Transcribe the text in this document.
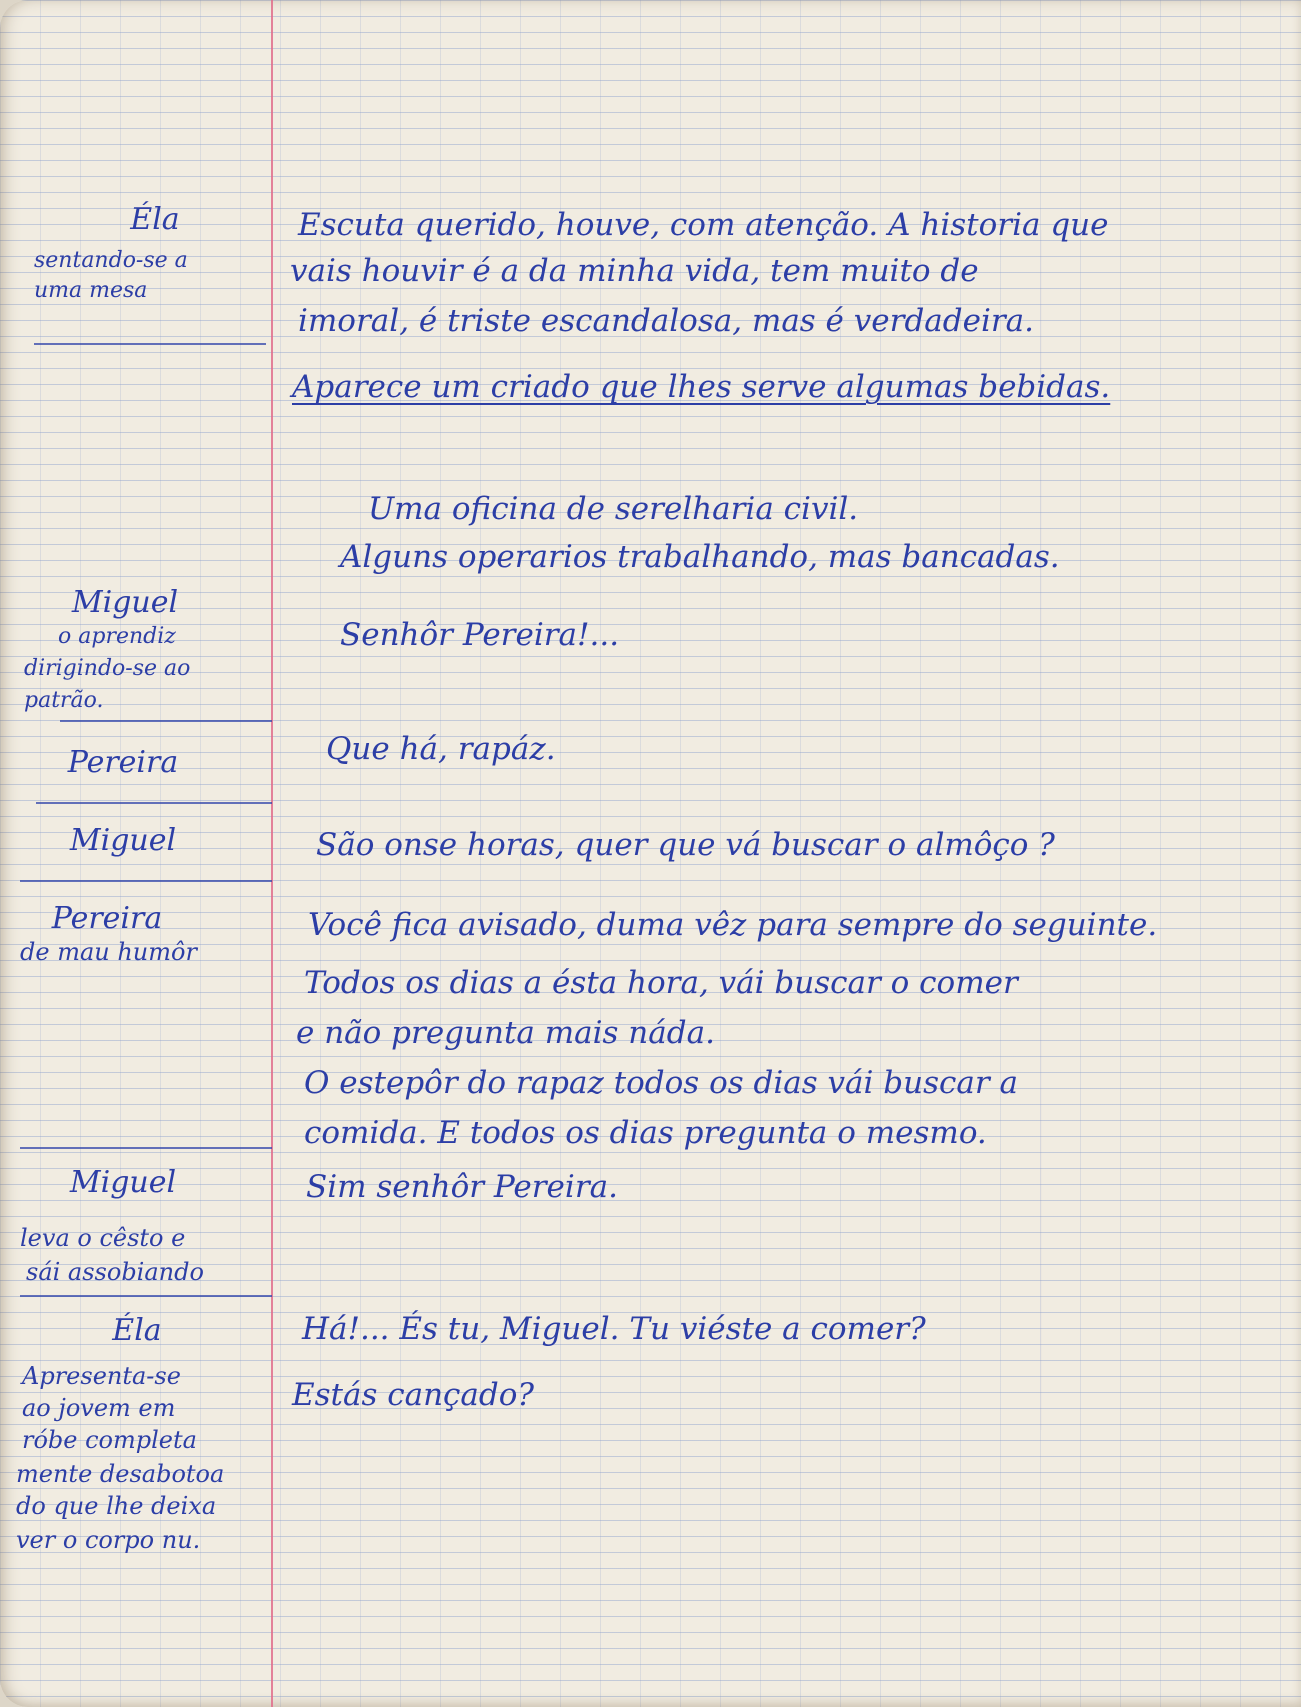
Éla

sentando-se a

uma mesa

Miguel

o aprendiz

dirigindo-se ao

patrão.

Pereira

Miguel

Pereira

de mau humôr

Miguel

leva o cêsto e

sái assobiando

Éla

Apresenta-se

ao jovem em

róbe completa

mente desabotoa

do que lhe deixa

ver o corpo nu.

Escuta querido, houve, com atenção. A historia que

vais houvir é a da minha vida, tem muito de

imoral, é triste escandalosa, mas é verdadeira.

Aparece um criado que lhes serve algumas bebidas.

Uma oficina de serelharia civil.

Alguns operarios trabalhando, mas bancadas.

Senhôr Pereira!...

Que há, rapáz.

São onse horas, quer que vá buscar o almôço ?

Você fica avisado, duma vêz para sempre do seguinte.

Todos os dias a ésta hora, vái buscar o comer

e não pregunta mais náda.

O estepôr do rapaz todos os dias vái buscar a

comida. E todos os dias pregunta o mesmo.

Sim senhôr Pereira.

Há!... És tu, Miguel. Tu viéste a comer?

Estás cançado?
